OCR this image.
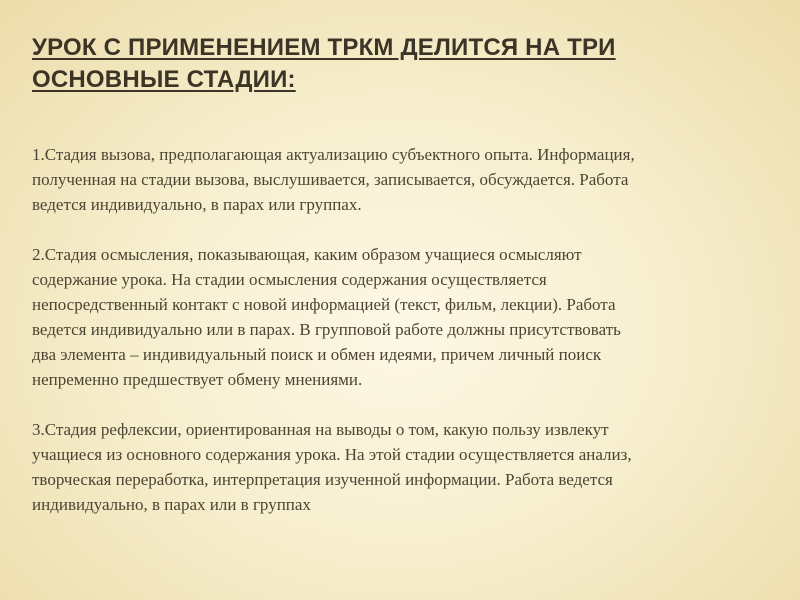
УРОК С ПРИМЕНЕНИЕМ ТРКМ ДЕЛИТСЯ НА ТРИ
ОСНОВНЫЕ СТАДИИ:

1.Стадия вызова, предполагающая актуализацию субъектного опыта. Информация,
полученная на стадии вызова, выслушивается, записывается, обсуждается. Работа
ведется индивидуально, в парах или группах.

2.Стадия осмысления, показывающая, каким образом учащиеся осмысляют
содержание урока. На стадии осмысления содержания осуществляется
непосредственный контакт с новой информацией (текст, фильм, лекции). Работа
ведется индивидуально или в парах. В групповой работе должны присутствовать
два элемента – индивидуальный поиск и обмен идеями, причем личный поиск
непременно предшествует обмену мнениями.

3.Стадия рефлексии, ориентированная на выводы о том, какую пользу извлекут
учащиеся из основного содержания урока. На этой стадии осуществляется анализ,
творческая переработка, интерпретация изученной информации. Работа ведется
индивидуально, в парах или в группах
